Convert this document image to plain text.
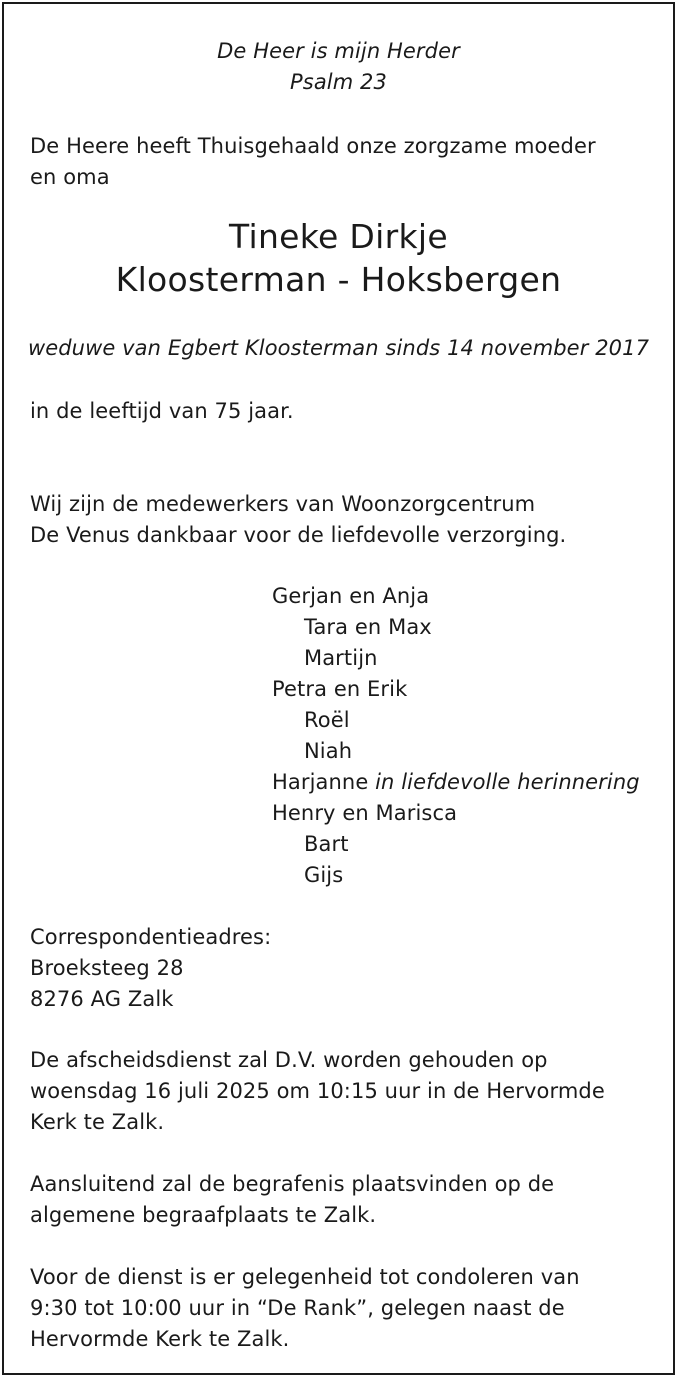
De Heer is mijn Herder
Psalm 23
De Heere heeft Thuisgehaald onze zorgzame moeder
en oma
Tineke Dirkje
Kloosterman - Hoksbergen
weduwe van Egbert Kloosterman sinds 14 november 2017
in de leeftijd van 75 jaar.
Wij zijn de medewerkers van Woonzorgcentrum
De Venus dankbaar voor de liefdevolle verzorging.
Gerjan en Anja
Tara en Max
Martijn
Petra en Erik
Roël
Niah
Harjanne in liefdevolle herinnering
Henry en Marisca
Bart
Gijs
Correspondentieadres:
Broeksteeg 28
8276 AG Zalk
De afscheidsdienst zal D.V. worden gehouden op
woensdag 16 juli 2025 om 10:15 uur in de Hervormde
Kerk te Zalk.
Aansluitend zal de begrafenis plaatsvinden op de
algemene begraafplaats te Zalk.
Voor de dienst is er gelegenheid tot condoleren van
9:30 tot 10:00 uur in “De Rank”, gelegen naast de
Hervormde Kerk te Zalk.
